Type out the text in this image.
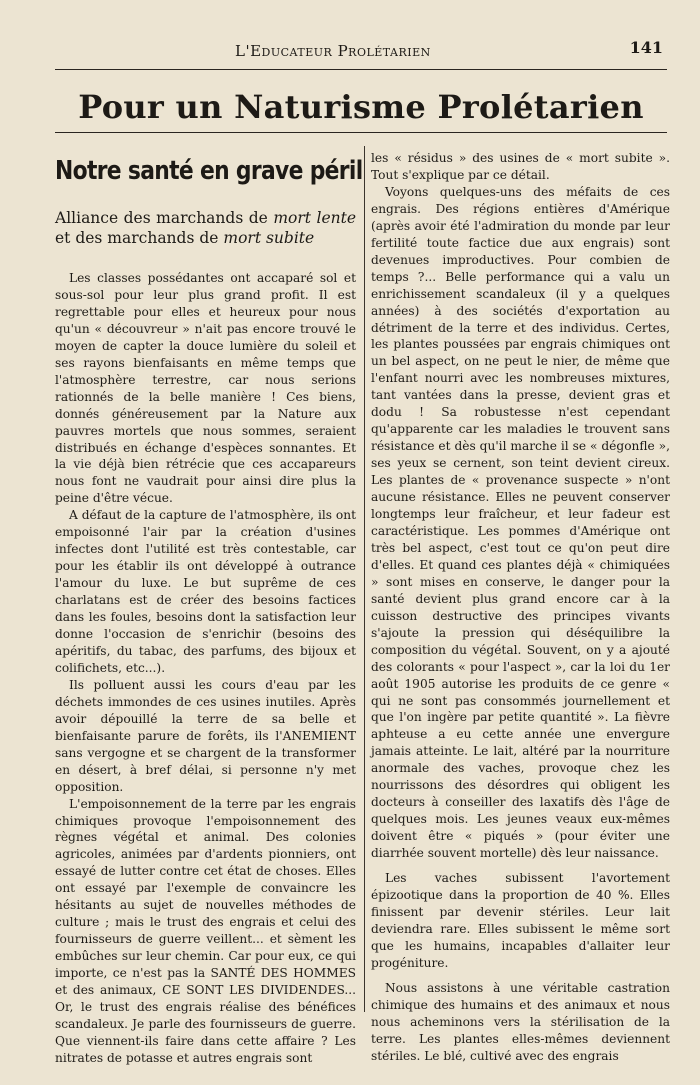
L'Educateur Prolétarien	141
Pour un Naturisme Prolétarien
Notre santé en grave péril
Alliance des marchands de mort lente et des marchands de mort subite

Les classes possédantes ont accaparé sol et sous-sol pour leur plus grand profit. Il est regrettable pour elles et heureux pour nous qu'un « découvreur » n'ait pas encore trouvé le moyen de capter la douce lumière du soleil et ses rayons bienfaisants en même temps que l'atmosphère terrestre, car nous serions rationnés de la belle manière ! Ces biens, donnés généreusement par la Nature aux pauvres mortels que nous sommes, seraient distribués en échange d'espèces sonnantes. Et la vie déjà bien rétrécie que ces accapareurs nous font ne vaudrait pour ainsi dire plus la peine d'être vécue.

A défaut de la capture de l'atmosphère, ils ont empoisonné l'air par la création d'usines infectes dont l'utilité est très contestable, car pour les établir ils ont développé à outrance l'amour du luxe. Le but suprême de ces charlatans est de créer des besoins factices dans les foules, besoins dont la satisfaction leur donne l'occasion de s'enrichir (besoins des apéritifs, du tabac, des parfums, des bijoux et colifichets, etc...).

Ils polluent aussi les cours d'eau par les déchets immondes de ces usines inutiles. Après avoir dépouillé la terre de sa belle et bienfaisante parure de forêts, ils l'ANEMIENT sans vergogne et se chargent de la transformer en désert, à bref délai, si personne n'y met opposition.

L'empoisonnement de la terre par les engrais chimiques provoque l'empoisonnement des règnes végétal et animal. Des colonies agricoles, animées par d'ardents pionniers, ont essayé de lutter contre cet état de choses. Elles ont essayé par l'exemple de convaincre les hésitants au sujet de nouvelles méthodes de culture ; mais le trust des engrais et celui des fournisseurs de guerre veillent... et sèment les embûches sur leur chemin. Car pour eux, ce qui importe, ce n'est pas la SANTÉ DES HOMMES et des animaux, CE SONT LES DIVIDENDES... Or, le trust des engrais réalise des bénéfices scandaleux. Je parle des fournisseurs de guerre. Que viennent-ils faire dans cette affaire ? Les nitrates de potasse et autres engrais sont

les « résidus » des usines de « mort subite ». Tout s'explique par ce détail.

Voyons quelques-uns des méfaits de ces engrais. Des régions entières d'Amérique (après avoir été l'admiration du monde par leur fertilité toute factice due aux engrais) sont devenues improductives. Pour combien de temps ?... Belle performance qui a valu un enrichissement scandaleux (il y a quelques années) à des sociétés d'exportation au détriment de la terre et des individus. Certes, les plantes poussées par engrais chimiques ont un bel aspect, on ne peut le nier, de même que l'enfant nourri avec les nombreuses mixtures, tant vantées dans la presse, devient gras et dodu ! Sa robustesse n'est cependant qu'apparente car les maladies le trouvent sans résistance et dès qu'il marche il se « dégonfle », ses yeux se cernent, son teint devient cireux. Les plantes de « provenance suspecte » n'ont aucune résistance. Elles ne peuvent conserver longtemps leur fraîcheur, et leur fadeur est caractéristique. Les pommes d'Amérique ont très bel aspect, c'est tout ce qu'on peut dire d'elles. Et quand ces plantes déjà « chimiquées » sont mises en conserve, le danger pour la santé devient plus grand encore car à la cuisson destructive des principes vivants s'ajoute la pression qui déséquilibre la composition du végétal. Souvent, on y a ajouté des colorants « pour l'aspect », car la loi du 1er août 1905 autorise les produits de ce genre « qui ne sont pas consommés journellement et que l'on ingère par petite quantité ». La fièvre aphteuse a eu cette année une envergure jamais atteinte. Le lait, altéré par la nourriture anormale des vaches, provoque chez les nourrissons des désordres qui obligent les docteurs à conseiller des laxatifs dès l'âge de quelques mois. Les jeunes veaux eux-mêmes doivent être « piqués » (pour éviter une diarrhée souvent mortelle) dès leur naissance.

Les vaches subissent l'avortement épizootique dans la proportion de 40 %. Elles finissent par devenir stériles. Leur lait deviendra rare. Elles subissent le même sort que les humains, incapables d'allaiter leur progéniture.

Nous assistons à une véritable castration chimique des humains et des animaux et nous nous acheminons vers la stérilisation de la terre. Les plantes elles-mêmes deviennent stériles. Le blé, cultivé avec des engrais
